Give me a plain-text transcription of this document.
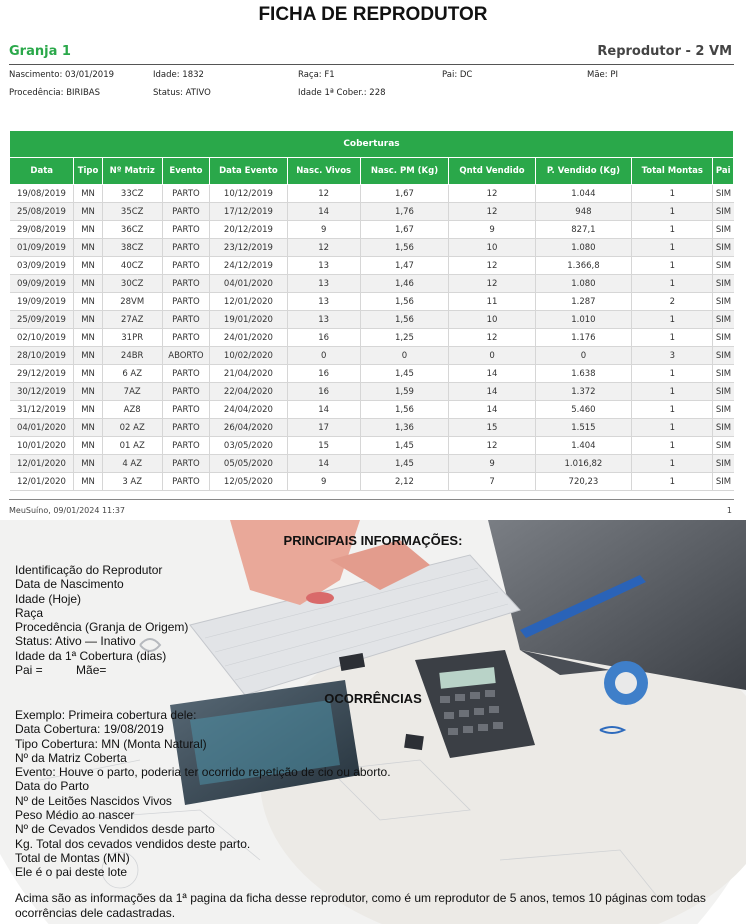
FICHA DE REPRODUTOR
Granja 1	Reprodutor - 2 VM
Nascimento: 03/01/2019	Idade: 1832	Raça: F1	Pai: DC	Mãe: PI
Procedência: BIRIBAS	Status: ATIVO	Idade 1ª Cober.: 228
Coberturas										
Data	Tipo	Nº Matriz	Evento	Data Evento	Nasc. Vivos	Nasc. PM (Kg)	Qntd Vendido	P. Vendido (Kg)	Total Montas	Pai
19/08/2019	MN	33CZ	PARTO	10/12/2019	12	1,67	12	1.044	1	SIM
25/08/2019	MN	35CZ	PARTO	17/12/2019	14	1,76	12	948	1	SIM
29/08/2019	MN	36CZ	PARTO	20/12/2019	9	1,67	9	827,1	1	SIM
01/09/2019	MN	38CZ	PARTO	23/12/2019	12	1,56	10	1.080	1	SIM
03/09/2019	MN	40CZ	PARTO	24/12/2019	13	1,47	12	1.366,8	1	SIM
09/09/2019	MN	30CZ	PARTO	04/01/2020	13	1,46	12	1.080	1	SIM
19/09/2019	MN	28VM	PARTO	12/01/2020	13	1,56	11	1.287	2	SIM
25/09/2019	MN	27AZ	PARTO	19/01/2020	13	1,56	10	1.010	1	SIM
02/10/2019	MN	31PR	PARTO	24/01/2020	16	1,25	12	1.176	1	SIM
28/10/2019	MN	24BR	ABORTO	10/02/2020	0	0	0	0	3	SIM
29/12/2019	MN	6 AZ	PARTO	21/04/2020	16	1,45	14	1.638	1	SIM
30/12/2019	MN	7AZ	PARTO	22/04/2020	16	1,59	14	1.372	1	SIM
31/12/2019	MN	AZ8	PARTO	24/04/2020	14	1,56	14	5.460	1	SIM
04/01/2020	MN	02 AZ	PARTO	26/04/2020	17	1,36	15	1.515	1	SIM
10/01/2020	MN	01 AZ	PARTO	03/05/2020	15	1,45	12	1.404	1	SIM
12/01/2020	MN	4 AZ	PARTO	05/05/2020	14	1,45	9	1.016,82	1	SIM
12/01/2020	MN	3 AZ	PARTO	12/05/2020	9	2,12	7	720,23	1	SIM
MeuSuíno, 09/01/2024 11:37	1
PRINCIPAIS INFORMAÇÕES:
Identificação do Reprodutor
Data de Nascimento
Idade (Hoje)
Raça
Procedência (Granja de Origem)
Status: Ativo — Inativo
Idade da 1ª Cobertura (dias)
Pai =          Mãe=
OCORRÊNCIAS
Exemplo: Primeira cobertura dele:
Data Cobertura: 19/08/2019
Tipo Cobertura: MN (Monta Natural)
Nº da Matriz Coberta
Evento: Houve o parto, poderia ter ocorrido repetição de cio ou aborto.
Data do Parto
Nº de Leitões Nascidos Vivos
Peso Médio ao nascer
Nº de Cevados Vendidos desde parto
Kg. Total dos cevados vendidos deste parto.
Total de Montas (MN)
Ele é o pai deste lote
Acima são as informações da 1ª pagina da ficha desse reprodutor, como é um reprodutor de 5 anos, temos 10 páginas com todas ocorrências dele cadastradas.
